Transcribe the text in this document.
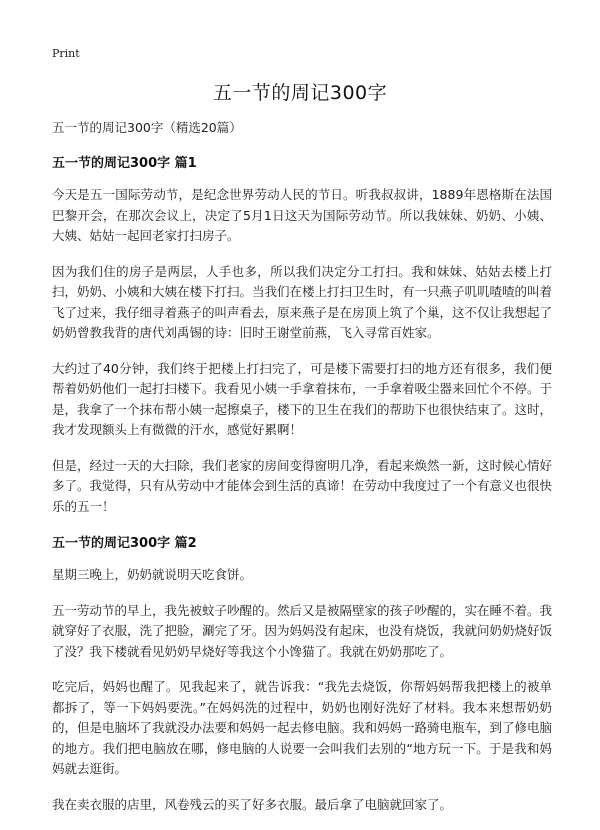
Print
五一节的周记300字

五一节的周记300字（精选20篇）

五一节的周记300字 篇1

今天是五一国际劳动节，是纪念世界劳动人民的节日。听我叔叔讲，1889年恩格斯在法国巴黎开会，在那次会议上，决定了5月1日这天为国际劳动节。所以我妹妹、奶奶、小姨、大姨、姑姑一起回老家打扫房子。

因为我们住的房子是两层，人手也多，所以我们决定分工打扫。我和妹妹、姑姑去楼上打扫，奶奶、小姨和大姨在楼下打扫。当我们在楼上打扫卫生时，有一只燕子叽叽喳喳的叫着飞了过来，我仔细寻着燕子的叫声看去，原来燕子是在房顶上筑了个巢，这不仅让我想起了奶奶曾教我背的唐代刘禹锡的诗：旧时王谢堂前燕，飞入寻常百姓家。

大约过了40分钟，我们终于把楼上打扫完了，可是楼下需要打扫的地方还有很多，我们便帮着奶奶他们一起打扫楼下。我看见小姨一手拿着抹布，一手拿着吸尘器来回忙个不停。于是，我拿了一个抹布帮小姨一起擦桌子，楼下的卫生在我们的帮助下也很快结束了。这时，我才发现额头上有微微的汗水，感觉好累啊！

但是，经过一天的大扫除，我们老家的房间变得窗明几净，看起来焕然一新，这时候心情好多了。我觉得，只有从劳动中才能体会到生活的真谛！在劳动中我度过了一个有意义也很快乐的五一！

五一节的周记300字 篇2

星期三晚上，奶奶就说明天吃食饼。

五一劳动节的早上，我先被蚊子吵醒的。然后又是被隔壁家的孩子吵醒的，实在睡不着。我就穿好了衣服，洗了把脸，涮完了牙。因为妈妈没有起床，也没有烧饭，我就问奶奶烧好饭了没？我下楼就看见奶奶早烧好等我这个小馋猫了。我就在奶奶那吃了。

吃完后，妈妈也醒了。见我起来了，就告诉我：“我先去烧饭，你帮妈妈帮我把楼上的被单都拆了，等一下妈妈要洗。”在妈妈洗的过程中，奶奶也刚好洗好了材料。我本来想帮奶奶的，但是电脑坏了我就没办法要和妈妈一起去修电脑。我和妈妈一路骑电瓶车，到了修电脑的地方。我们把电脑放在哪，修电脑的人说要一会叫我们去别的“地方玩一下。于是我和妈妈就去逛街。

我在卖衣服的店里，风卷残云的买了好多衣服。最后拿了电脑就回家了。
